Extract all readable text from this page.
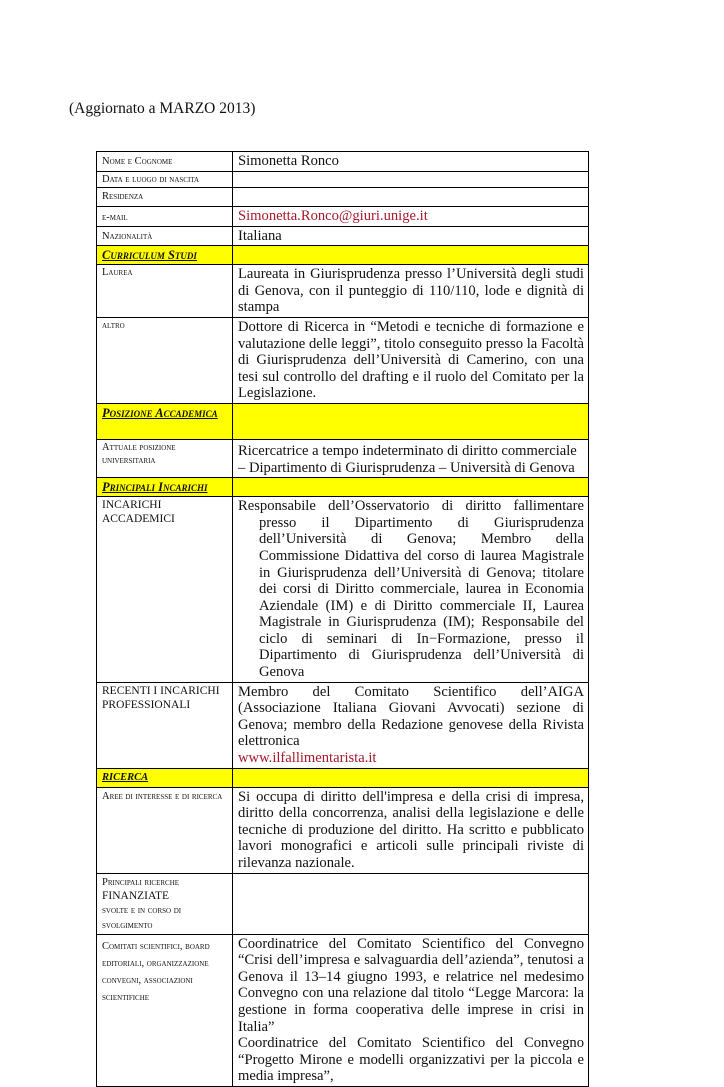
(Aggiornato a MARZO 2013)
Nome e Cognome	Simonetta Ronco

Data e luogo di nascita	

Residenza	

e-mail	Simonetta.Ronco@giuri.unige.it

Nazionalità	Italiana

Curriculum Studi	

Laurea	Laureata in Giurisprudenza presso l’Università degli studi di Genova, con il punteggio di 110/110, lode e dignità di stampa

altro	Dottore di Ricerca in “Metodi e tecniche di formazione e valutazione delle leggi”, titolo conseguito presso la Facoltà di Giurisprudenza dell’Università di Camerino, con una tesi sul controllo del drafting e il ruolo del Comitato per la Legislazione.

Posizione Accademica	

Attuale posizione universitaria	Ricercatrice a tempo indeterminato di diritto commerciale – Dipartimento di Giurisprudenza – Università di Genova

Principali Incarichi	

INCARICHI ACCADEMICI	Responsabile dell’Osservatorio di diritto fallimentare presso il Dipartimento di Giurisprudenza dell’Università di Genova; Membro della Commissione Didattiva del corso di laurea Magistrale in Giurisprudenza dell’Università di Genova; titolare dei corsi di Diritto commerciale, laurea in Economia Aziendale (IM) e di Diritto commerciale II, Laurea Magistrale in Giurisprudenza (IM); Responsabile del ciclo di seminari di In−Formazione, presso il Dipartimento di Giurisprudenza dell’Università di Genova

RECENTI I INCARICHI PROFESSIONALI	Membro del Comitato Scientifico dell’AIGA (Associazione Italiana Giovani Avvocati) sezione di Genova; membro della Redazione genovese della Rivista elettronica
www.ilfallimentarista.it

RICERCA	

Aree di interesse e di ricerca	Si occupa di diritto dell'impresa e della crisi di impresa, diritto della concorrenza, analisi della legislazione e delle tecniche di produzione del diritto. Ha scritto e pubblicato lavori monografici e articoli sulle principali riviste di rilevanza nazionale.

Principali ricerche
FINANZIATE
svolte e in corso di svolgimento	

Comitati scientifici, board editoriali, organizzazione convegni, associazioni scientifiche	Coordinatrice del Comitato Scientifico del Convegno “Crisi dell’impresa e salvaguardia dell’azienda”, tenutosi a Genova il 13–14 giugno 1993, e relatrice nel medesimo Convegno con una relazione dal titolo “Legge Marcora: la gestione in forma cooperativa delle imprese in crisi in Italia”
Coordinatrice del Comitato Scientifico del Convegno “Progetto Mirone e modelli organizzativi per la piccola e media impresa”,
